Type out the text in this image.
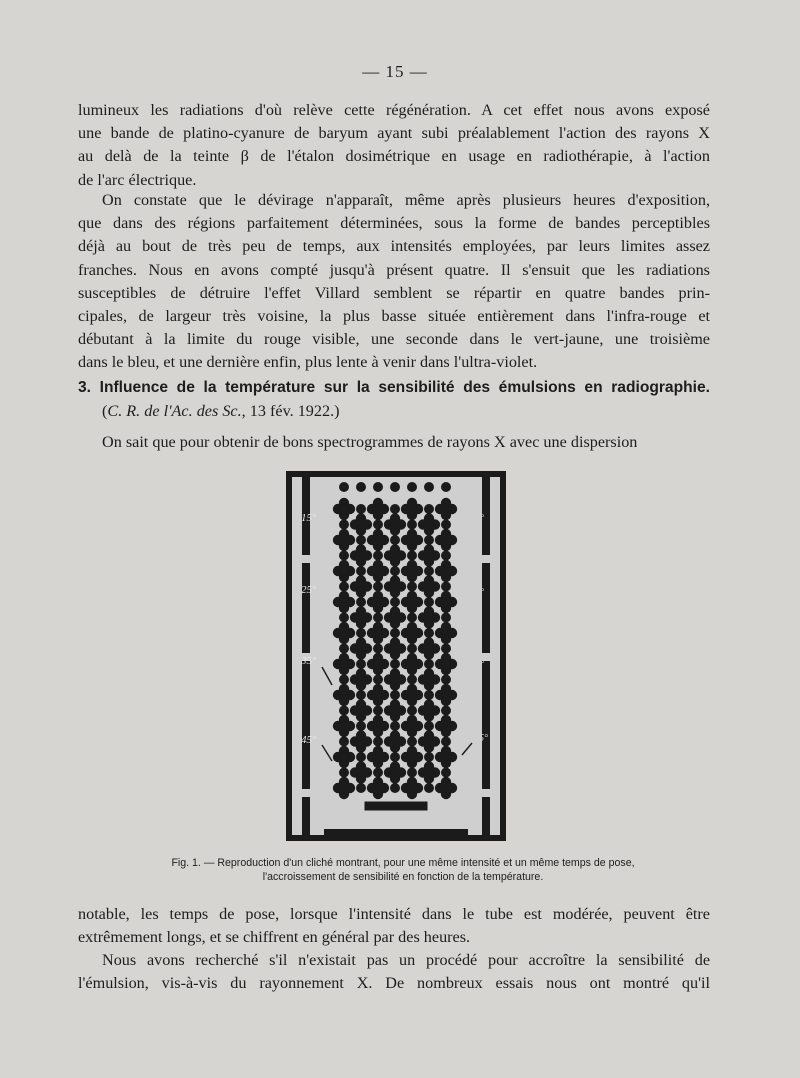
— 15 —
lumineux les radiations d'où relève cette régénération. A cet effet nous avons exposé
une bande de platino-cyanure de baryum ayant subi préalablement l'action des rayons X
au delà de la teinte β de l'étalon dosimétrique en usage en radiothérapie, à l'action
de l'arc électrique.
On constate que le dévirage n'apparaît, même après plusieurs heures d'exposition,
que dans des régions parfaitement déterminées, sous la forme de bandes perceptibles
déjà au bout de très peu de temps, aux intensités employées, par leurs limites assez
franches. Nous en avons compté jusqu'à présent quatre. Il s'ensuit que les radiations
susceptibles de détruire l'effet Villard semblent se répartir en quatre bandes prin-
cipales, de largeur très voisine, la plus basse située entièrement dans l'infra-rouge et
débutant à la limite du rouge visible, une seconde dans le vert-jaune, une troisième
dans le bleu, et une dernière enfin, plus lente à venir dans l'ultra-violet.
3. Influence de la température sur la sensibilité des émulsions en radiographie.
(C. R. de l'Ac. des Sc., 13 fév. 1922.)
On sait que pour obtenir de bons spectrogrammes de rayons X avec une dispersion
15°
25°
35°
45°
85°
75°
65°
55°
Fig. 1. — Reproduction d'un cliché montrant, pour une même intensité et un même temps de pose,
l'accroissement de sensibilité en fonction de la température.
notable, les temps de pose, lorsque l'intensité dans le tube est modérée, peuvent être
extrêmement longs, et se chiffrent en général par des heures.
Nous avons recherché s'il n'existait pas un procédé pour accroître la sensibilité de
l'émulsion, vis-à-vis du rayonnement X. De nombreux essais nous ont montré qu'il
